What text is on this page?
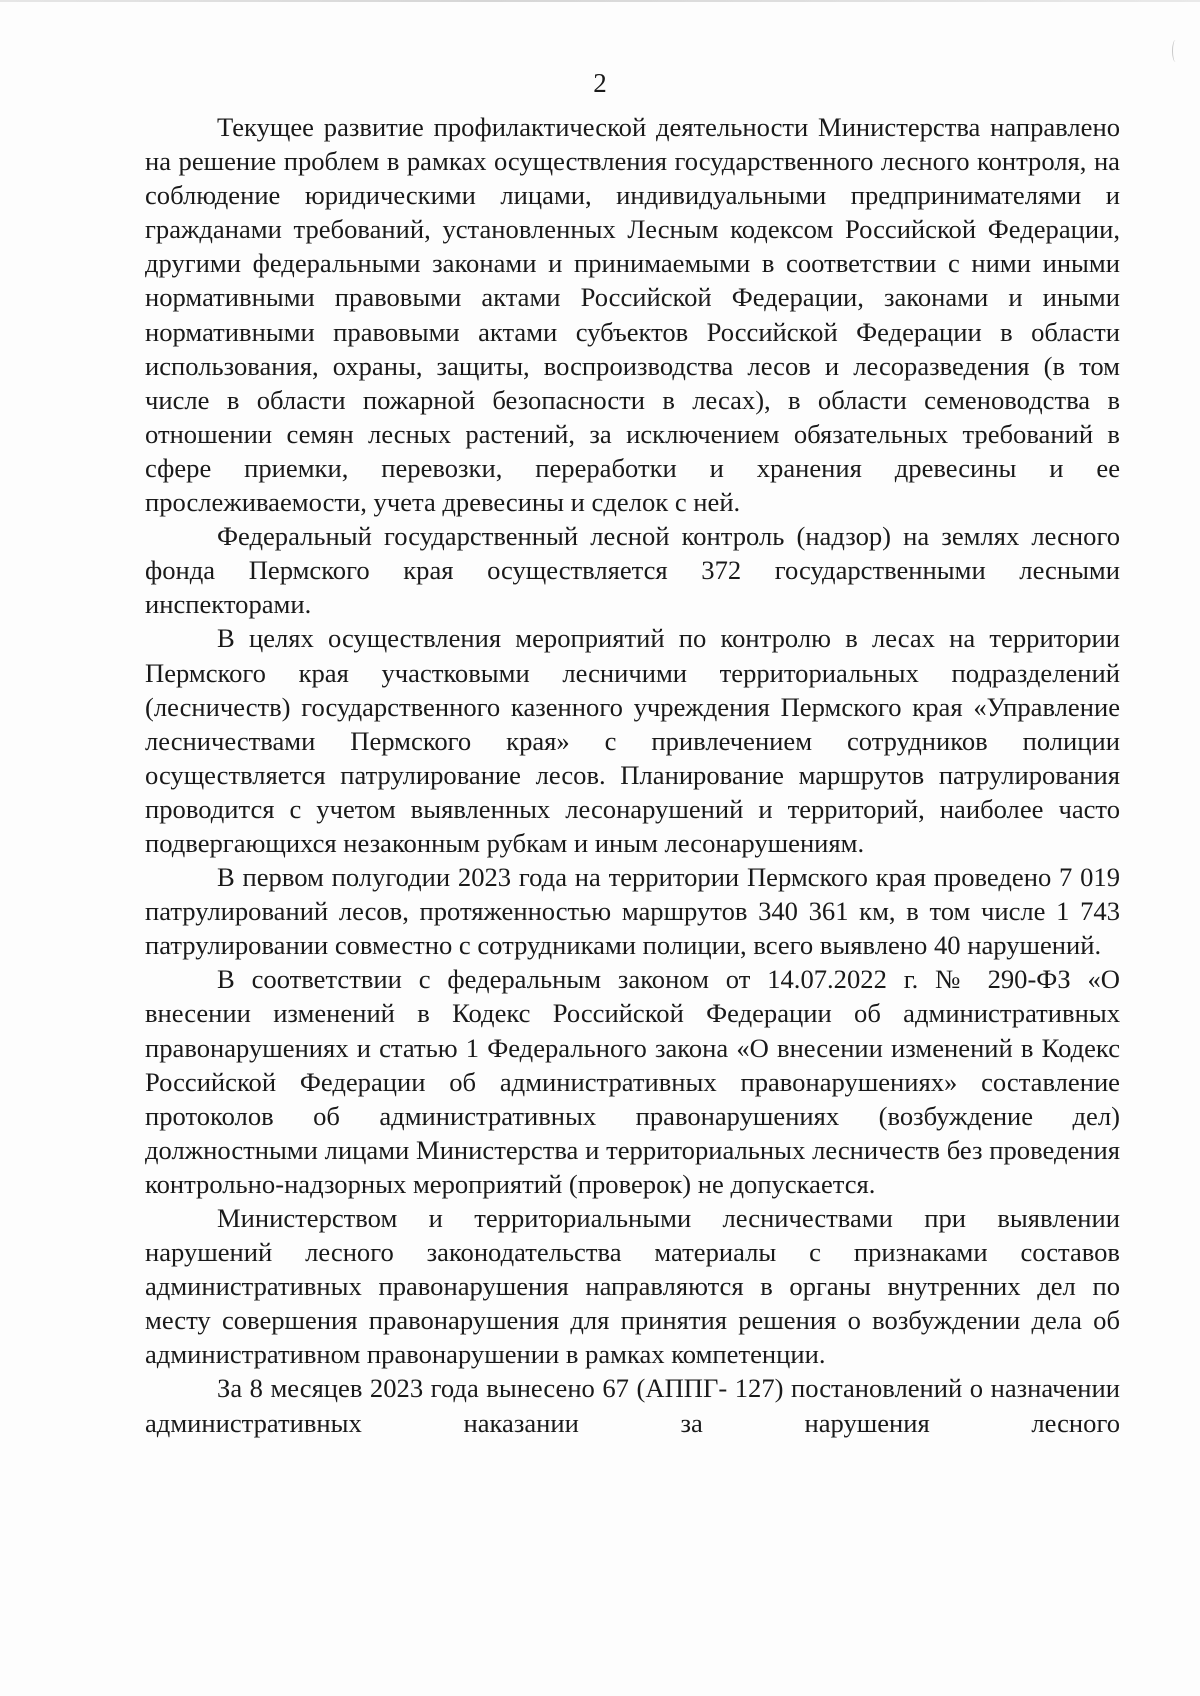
2

Текущее развитие профилактической деятельности Министерства направлено на решение проблем в рамках осуществления государственного лесного контроля, на соблюдение юридическими лицами, индивидуальными предпринимателями и гражданами требований, установленных Лесным кодексом Российской Федерации, другими федеральными законами и принимаемыми в соответствии с ними иными нормативными правовыми актами Российской Федерации, законами и иными нормативными правовыми актами субъектов Российской Федерации в области использования, охраны, защиты, воспроизводства лесов и лесоразведения (в том числе в области пожарной безопасности в лесах), в области семеноводства в отношении семян лесных растений, за исключением обязательных требований в сфере приемки, перевозки, переработки и хранения древесины и ее прослеживаемости, учета древесины и сделок с ней.

Федеральный государственный лесной контроль (надзор) на землях лесного фонда Пермского края осуществляется 372 государственными лесными инспекторами.

В целях осуществления мероприятий по контролю в лесах на территории Пермского края участковыми лесничими территориальных подразделений (лесничеств) государственного казенного учреждения Пермского края «Управление лесничествами Пермского края» с привлечением сотрудников полиции осуществляется патрулирование лесов. Планирование маршрутов патрулирования проводится с учетом выявленных лесонарушений и территорий, наиболее часто подвергающихся незаконным рубкам и иным лесонарушениям.

В первом полугодии 2023 года на территории Пермского края проведено 7 019 патрулирований лесов, протяженностью маршрутов 340 361 км, в том числе 1 743 патрулировании совместно с сотрудниками полиции, всего выявлено 40 нарушений.

В соответствии с федеральным законом от 14.07.2022 г. № 290-ФЗ «О внесении изменений в Кодекс Российской Федерации об административных правонарушениях и статью 1 Федерального закона «О внесении изменений в Кодекс Российской Федерации об административных правонарушениях» составление протоколов об административных правонарушениях (возбуждение дел) должностными лицами Министерства и территориальных лесничеств без проведения контрольно-надзорных мероприятий (проверок) не допускается.

Министерством и территориальными лесничествами при выявлении нарушений лесного законодательства материалы с признаками составов административных правонарушения направляются в органы внутренних дел по месту совершения правонарушения для принятия решения о возбуждении дела об административном правонарушении в рамках компетенции.

За 8 месяцев 2023 года вынесено 67 (АППГ- 127) постановлений о назначении административных наказании за нарушения лесного
